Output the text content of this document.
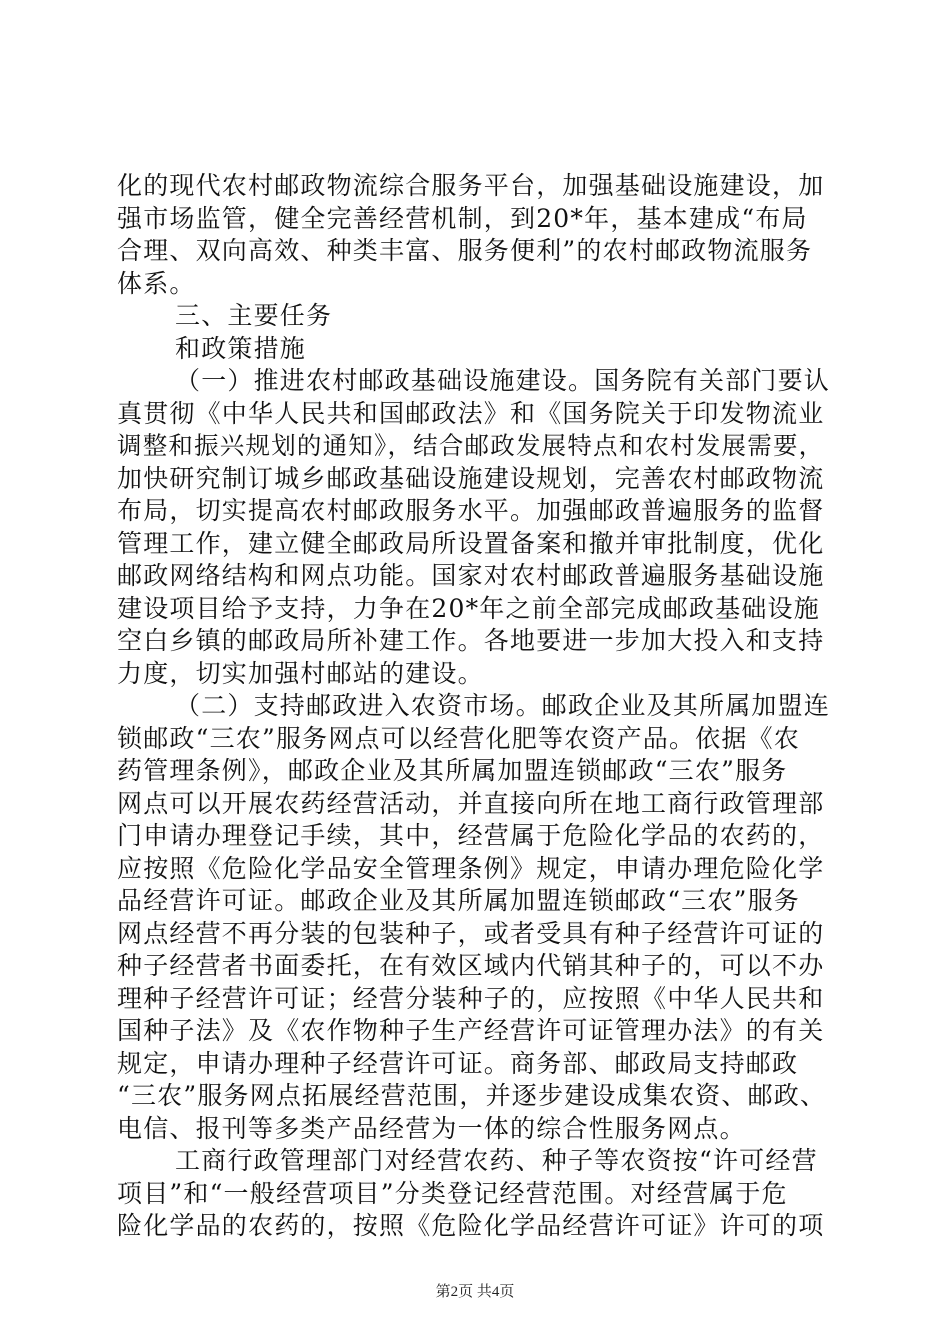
化的现代农村邮政物流综合服务平台，加强基础设施建设，加
强市场监管，健全完善经营机制，到20*年，基本建成“布局
合理、双向高效、种类丰富、服务便利”的农村邮政物流服务
体系。
三、主要任务
和政策措施
（一）推进农村邮政基础设施建设。国务院有关部门要认
真贯彻《中华人民共和国邮政法》和《国务院关于印发物流业
调整和振兴规划的通知》，结合邮政发展特点和农村发展需要，
加快研究制订城乡邮政基础设施建设规划，完善农村邮政物流
布局，切实提高农村邮政服务水平。加强邮政普遍服务的监督
管理工作，建立健全邮政局所设置备案和撤并审批制度，优化
邮政网络结构和网点功能。国家对农村邮政普遍服务基础设施
建设项目给予支持，力争在20*年之前全部完成邮政基础设施
空白乡镇的邮政局所补建工作。各地要进一步加大投入和支持
力度，切实加强村邮站的建设。
（二）支持邮政进入农资市场。邮政企业及其所属加盟连
锁邮政“三农”服务网点可以经营化肥等农资产品。依据《农
药管理条例》，邮政企业及其所属加盟连锁邮政“三农”服务
网点可以开展农药经营活动，并直接向所在地工商行政管理部
门申请办理登记手续，其中，经营属于危险化学品的农药的，
应按照《危险化学品安全管理条例》规定，申请办理危险化学
品经营许可证。邮政企业及其所属加盟连锁邮政“三农”服务
网点经营不再分装的包装种子，或者受具有种子经营许可证的
种子经营者书面委托，在有效区域内代销其种子的，可以不办
理种子经营许可证；经营分装种子的，应按照《中华人民共和
国种子法》及《农作物种子生产经营许可证管理办法》的有关
规定，申请办理种子经营许可证。商务部、邮政局支持邮政
“三农”服务网点拓展经营范围，并逐步建设成集农资、邮政、
电信、报刊等多类产品经营为一体的综合性服务网点。
工商行政管理部门对经营农药、种子等农资按“许可经营
项目”和“一般经营项目”分类登记经营范围。对经营属于危
险化学品的农药的，按照《危险化学品经营许可证》许可的项
第2页 共4页
